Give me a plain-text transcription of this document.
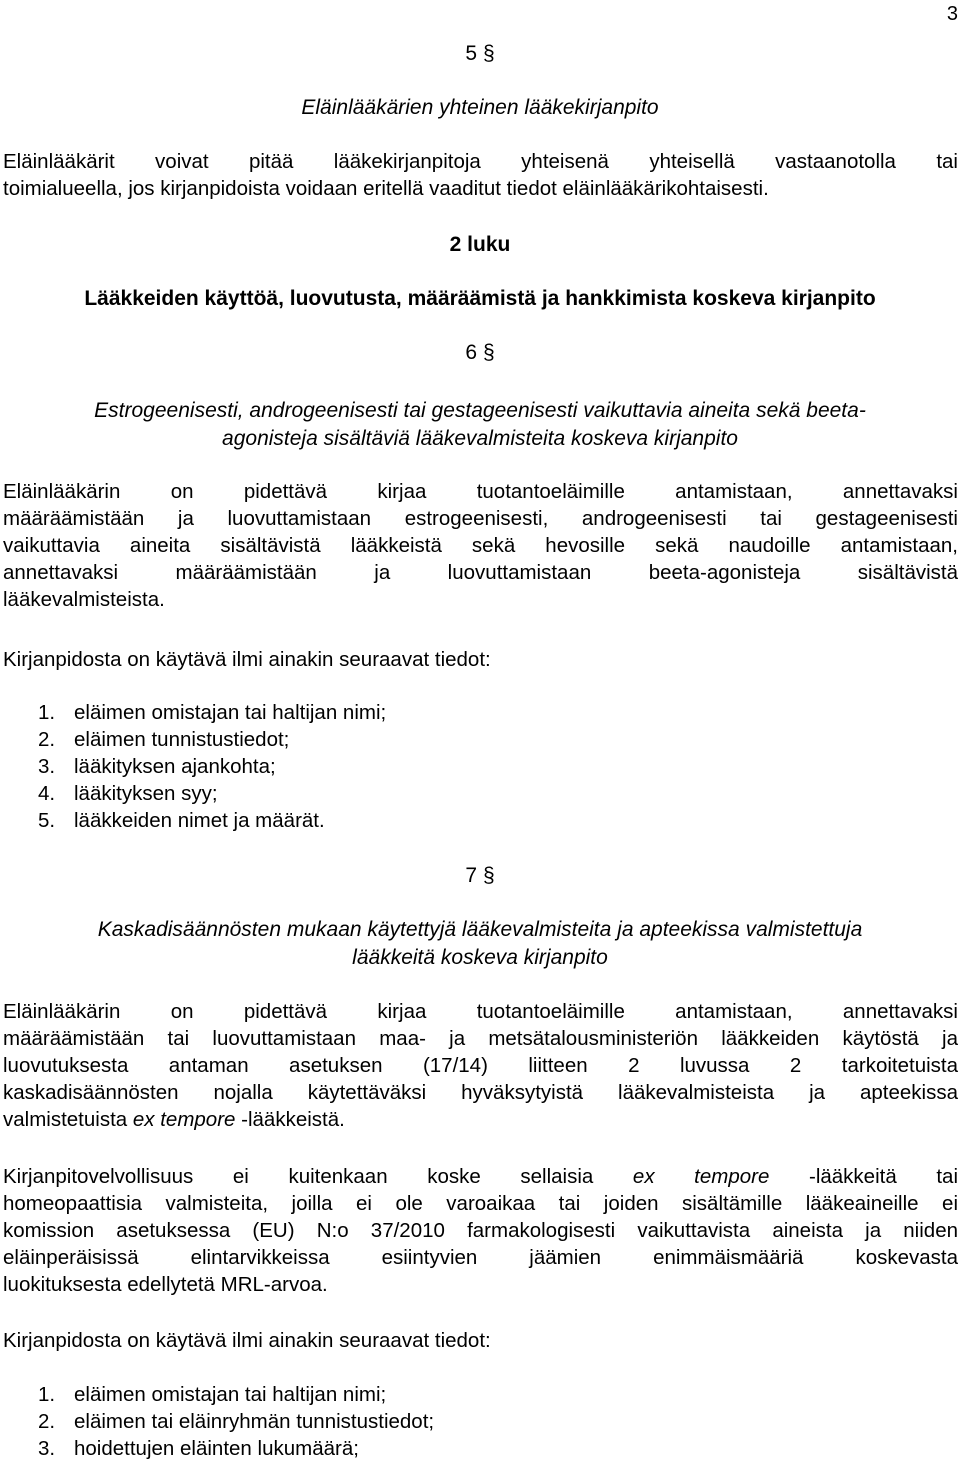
3
5 §
Eläinlääkärien yhteinen lääkekirjanpito
Eläinlääkärit voivat pitää lääkekirjanpitoja yhteisenä yhteisellä vastaanotolla tai
toimialueella, jos kirjanpidoista voidaan eritellä vaaditut tiedot eläinlääkärikohtaisesti.
2 luku
Lääkkeiden käyttöä, luovutusta, määräämistä ja hankkimista koskeva kirjanpito
6 §
Estrogeenisesti, androgeenisesti tai gestageenisesti vaikuttavia aineita sekä beeta-
agonisteja sisältäviä lääkevalmisteita koskeva kirjanpito
Eläinlääkärin on pidettävä kirjaa tuotantoeläimille antamistaan, annettavaksi
määräämistään ja luovuttamistaan estrogeenisesti, androgeenisesti tai gestageenisesti
vaikuttavia aineita sisältävistä lääkkeistä sekä hevosille sekä naudoille antamistaan,
annettavaksi määräämistään ja luovuttamistaan beeta-agonisteja sisältävistä
lääkevalmisteista.
Kirjanpidosta on käytävä ilmi ainakin seuraavat tiedot:
1. eläimen omistajan tai haltijan nimi;
2. eläimen tunnistustiedot;
3. lääkityksen ajankohta;
4. lääkityksen syy;
5. lääkkeiden nimet ja määrät.
7 §
Kaskadisäännösten mukaan käytettyjä lääkevalmisteita ja apteekissa valmistettuja
lääkkeitä koskeva kirjanpito
Eläinlääkärin on pidettävä kirjaa tuotantoeläimille antamistaan, annettavaksi
määräämistään tai luovuttamistaan maa- ja metsätalousministeriön lääkkeiden käytöstä ja
luovutuksesta antaman asetuksen (17/14) liitteen 2 luvussa 2 tarkoitetuista
kaskadisäännösten nojalla käytettäväksi hyväksytyistä lääkevalmisteista ja apteekissa
valmistetuista ex tempore -lääkkeistä.
Kirjanpitovelvollisuus ei kuitenkaan koske sellaisia ex tempore -lääkkeitä tai
homeopaattisia valmisteita, joilla ei ole varoaikaa tai joiden sisältämille lääkeaineille ei
komission asetuksessa (EU) N:o 37/2010 farmakologisesti vaikuttavista aineista ja niiden
eläinperäisissä elintarvikkeissa esiintyvien jäämien enimmäismääriä koskevasta
luokituksesta edellytetä MRL-arvoa.
Kirjanpidosta on käytävä ilmi ainakin seuraavat tiedot:
1. eläimen omistajan tai haltijan nimi;
2. eläimen tai eläinryhmän tunnistustiedot;
3. hoidettujen eläinten lukumäärä;
